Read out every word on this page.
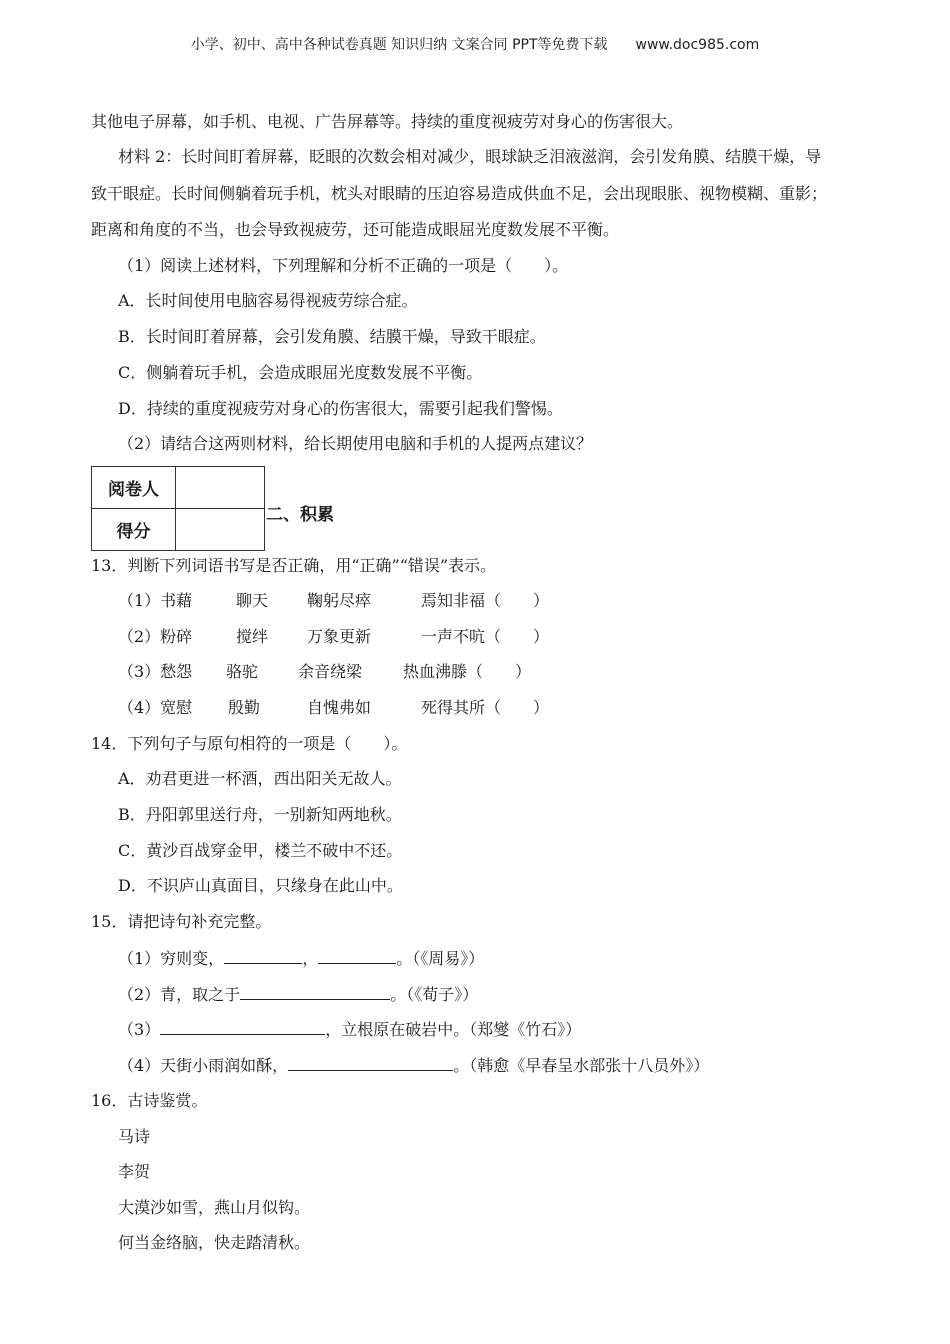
小学、初中、高中各种试卷真题 知识归纳 文案合同 PPT等免费下载 www.doc985.com
其他电子屏幕，如手机、电视、广告屏幕等。持续的重度视疲劳对身心的伤害很大。
材料 2：长时间盯着屏幕，眨眼的次数会相对减少，眼球缺乏泪液滋润，会引发角膜、结膜干燥，导
致干眼症。长时间侧躺着玩手机，枕头对眼睛的压迫容易造成供血不足，会出现眼胀、视物模糊、重影；
距离和角度的不当，也会导致视疲劳，还可能造成眼屈光度数发展不平衡。
（1）阅读上述材料，下列理解和分析不正确的一项是（　　）。
A．长时间使用电脑容易得视疲劳综合症。
B．长时间盯着屏幕，会引发角膜、结膜干燥，导致干眼症。
C．侧躺着玩手机，会造成眼屈光度数发展不平衡。
D．持续的重度视疲劳对身心的伤害很大，需要引起我们警惕。
（2）请结合这两则材料，给长期使用电脑和手机的人提两点建议？
阅卷人	
得分	
二、积累
13．判断下列词语书写是否正确，用“正确”“错误”表示。
（1）书藉	聊天 鞠躬尽瘁	焉知非福（　　）
（2）粉碎	搅绊 万象更新	一声不吭（　　）
（3）愁怨 骆驼 余音绕梁	热血沸滕（　　）
（4）宽慰 殷勤	自愧弗如	死得其所（　　）
14．下列句子与原句相符的一项是（　　）。
A．劝君更进一杯酒，西出阳关无故人。
B．丹阳郭里送行舟，一别新知两地秋。
C．黄沙百战穿金甲，楼兰不破中不还。
D．不识庐山真面目，只缘身在此山中。
15．请把诗句补充完整。
（1）穷则变，	，	。（《周易》）
（2）青，取之于	。（《荀子》）
（3）	，立根原在破岩中。（郑燮《竹石》）
（4）天街小雨润如酥，	。（韩愈《早春呈水部张十八员外》）
16．古诗鉴赏。
马诗
李贺
大漠沙如雪，燕山月似钩。
何当金络脑，快走踏清秋。
